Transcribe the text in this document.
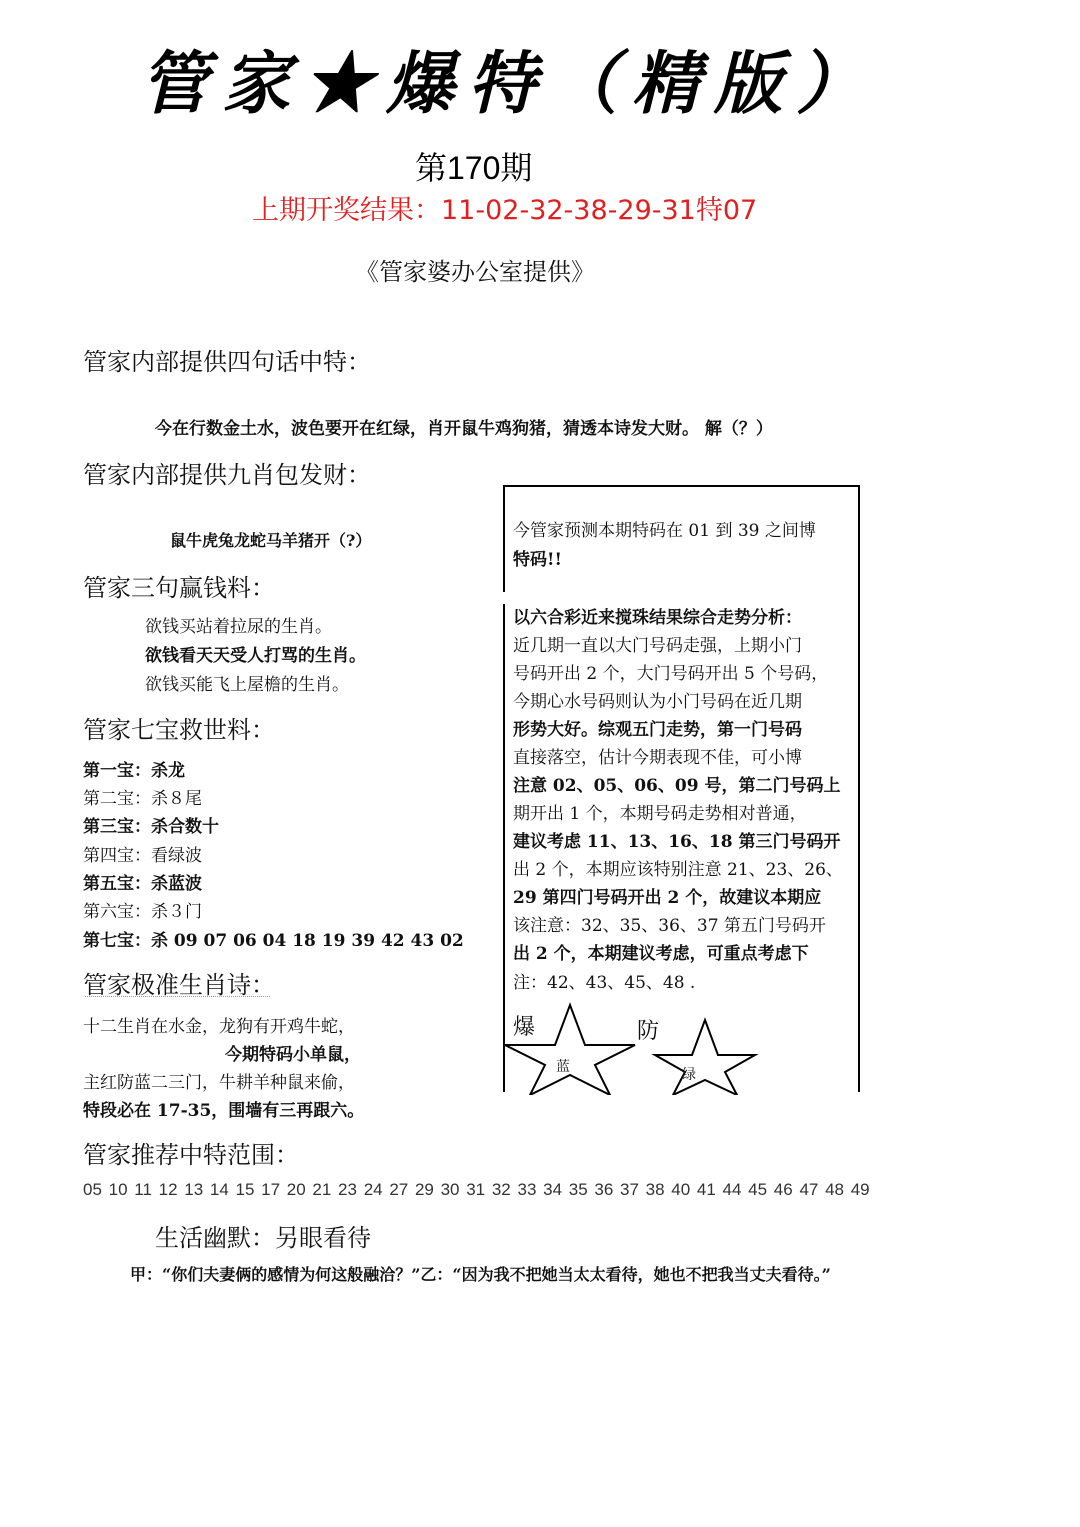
管家★爆特（精版）
第170期
上期开奖结果：11-02-32-38-29-31特07
《管家婆办公室提供》
管家内部提供四句话中特：
今在行数金土水，波色要开在红绿，肖开鼠牛鸡狗猪，猜透本诗发大财。 解（？）
管家内部提供九肖包发财：
鼠牛虎兔龙蛇马羊猪开（?）
管家三句赢钱料：
欲钱买站着拉尿的生肖。
欲钱看天天受人打骂的生肖。
欲钱买能飞上屋檐的生肖。
管家七宝救世料：
第一宝：杀龙
第二宝：杀８尾
第三宝：杀合数十
第四宝：看绿波
第五宝：杀蓝波
第六宝：杀３门
第七宝：杀 09 07 06 04 18 19 39 42 43 02
管家极准生肖诗：
十二生肖在水金，龙狗有开鸡牛蛇，
今期特码小单鼠，
主红防蓝二三门，牛耕羊种鼠来偷，
特段必在 17-35，围墙有三再跟六。
今管家预测本期特码在 01 到 39 之间博
特码!!
以六合彩近来搅珠结果综合走势分析：
近几期一直以大门号码走强，上期小门
号码开出 2 个，大门号码开出 5 个号码，
今期心水号码则认为小门号码在近几期
形势大好。综观五门走势，第一门号码
直接落空，估计今期表现不佳，可小博
注意 02、05、06、09 号，第二门号码上
期开出 1 个，本期号码走势相对普通，
建议考虑 11、13、16、18 第三门号码开
出 2 个，本期应该特别注意 21、23、26、
29 第四门号码开出 2 个，故建议本期应
该注意：32、35、36、37 第五门号码开
出 2 个，本期建议考虑，可重点考虑下
注：42、43、45、48 .
爆
蓝
防
绿
管家推荐中特范围：
05 10 11 12 13 14 15 17 20 21 23 24 27 29 30 31 32 33 34 35 36 37 38 40 41 44 45 46 47 48 49
生活幽默：另眼看待
甲：“你们夫妻俩的感情为何这般融洽？”乙：“因为我不把她当太太看待，她也不把我当丈夫看待。”
